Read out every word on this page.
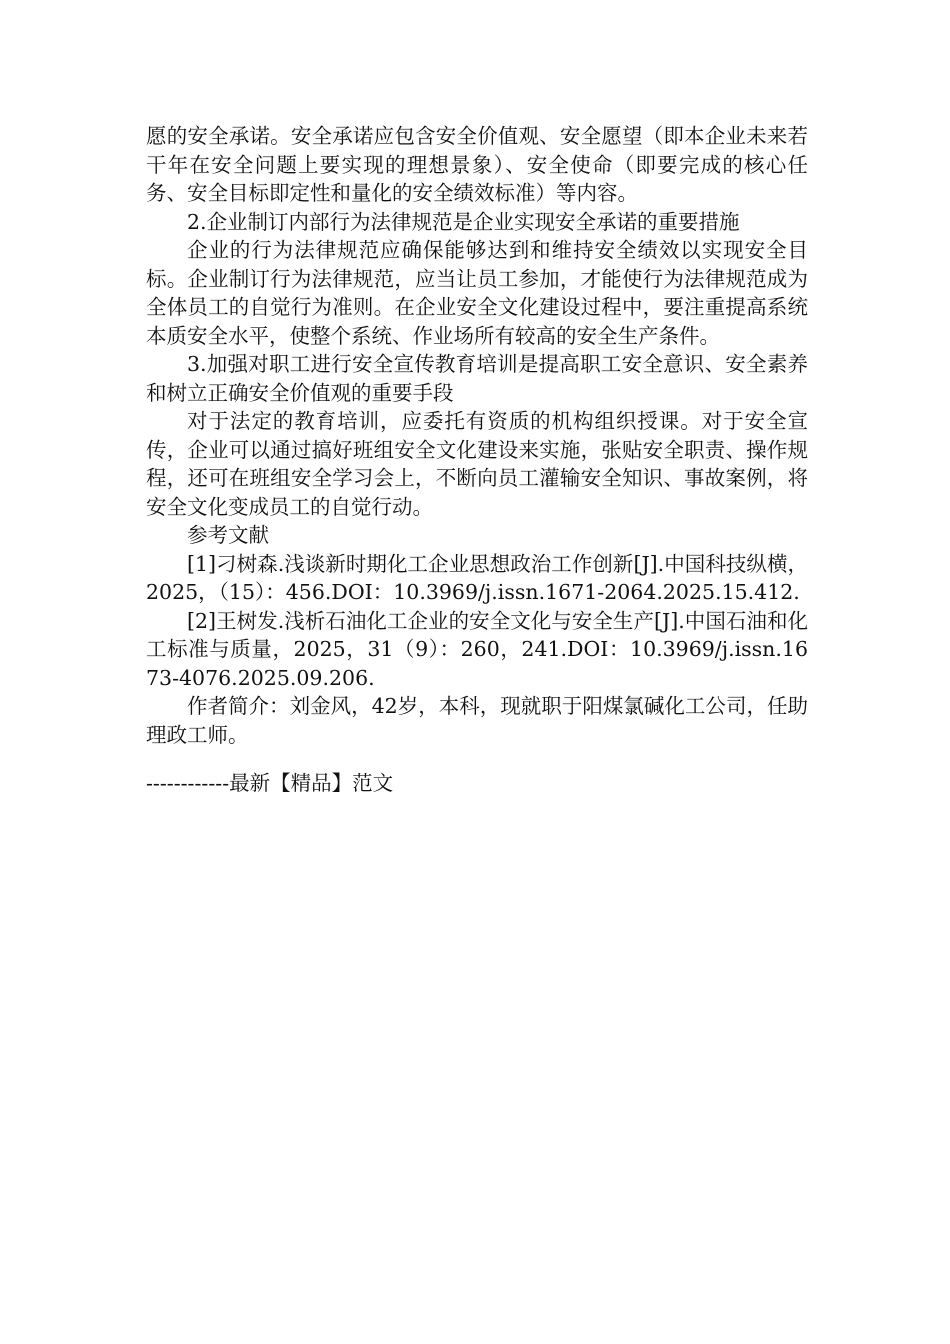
愿的安全承诺。安全承诺应包含安全价值观、安全愿望（即本企业未来若干年在安全问题上要实现的理想景象）、安全使命（即要完成的核心任务、安全目标即定性和量化的安全绩效标准）等内容。

2.企业制订内部行为法律规范是企业实现安全承诺的重要措施

企业的行为法律规范应确保能够达到和维持安全绩效以实现安全目标。企业制订行为法律规范，应当让员工参加，才能使行为法律规范成为全体员工的自觉行为准则。在企业安全文化建设过程中，要注重提高系统本质安全水平，使整个系统、作业场所有较高的安全生产条件。

3.加强对职工进行安全宣传教育培训是提高职工安全意识、安全素养和树立正确安全价值观的重要手段

对于法定的教育培训，应委托有资质的机构组织授课。对于安全宣传，企业可以通过搞好班组安全文化建设来实施，张贴安全职责、操作规程，还可在班组安全学习会上，不断向员工灌输安全知识、事故案例，将安全文化变成员工的自觉行动。

参考文献

[1]刁树森.浅谈新时期化工企业思想政治工作创新[J].中国科技纵横，2025，（15）：456.DOI：10.3969/j.issn.1671-2064.2025.15.412.

[2]王树发.浅析石油化工企业的安全文化与安全生产[J].中国石油和化工标准与质量，2025，31（9）：260，241.DOI：10.3969/j.issn.1673-4076.2025.09.206.

作者简介：刘金风，42岁，本科，现就职于阳煤氯碱化工公司，任助理政工师。

------------最新【精品】范文
